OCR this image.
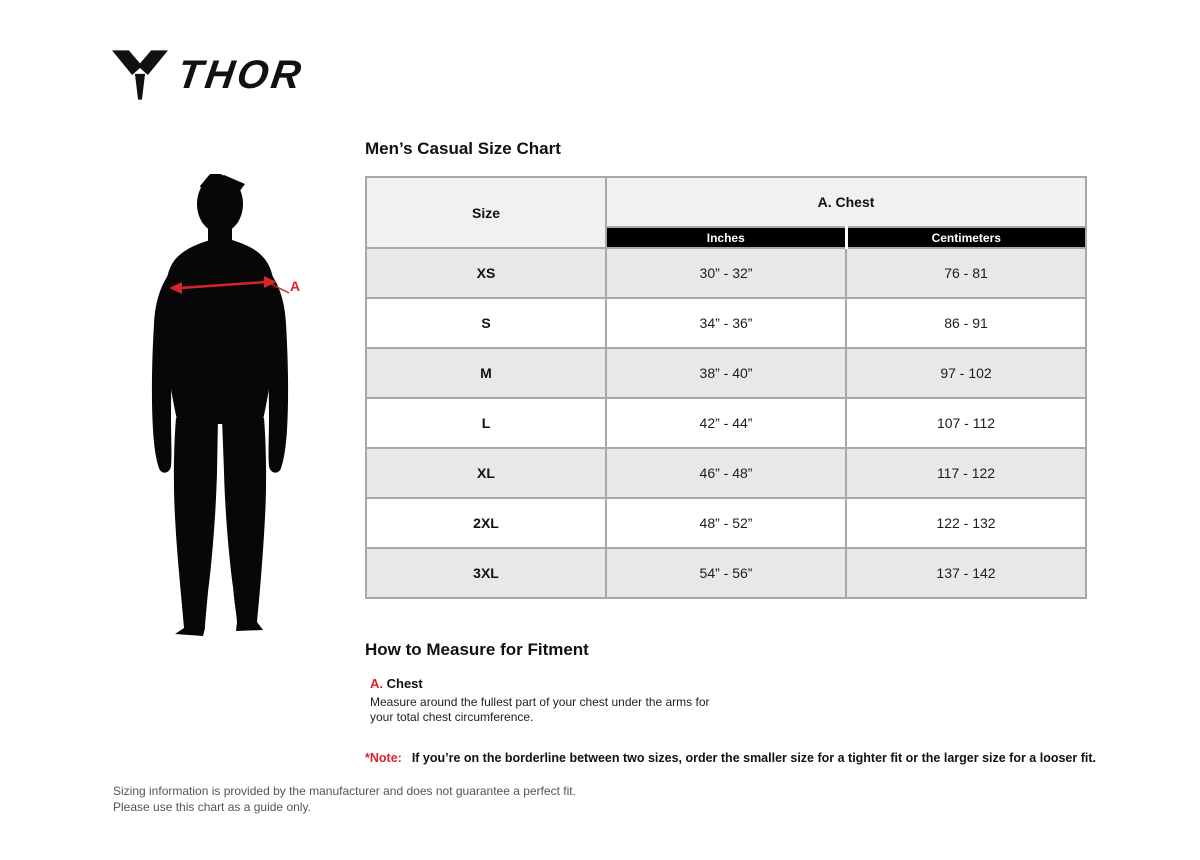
THOR
A
Men’s Casual Size Chart
Size	A. Chest	
	Inches	Centimeters
XS	30” - 32”	76 - 81
S	34” - 36”	86 - 91
M	38” - 40”	97 - 102
L	42” - 44”	107 - 112
XL	46” - 48”	117 - 122
2XL	48” - 52”	122 - 132
3XL	54” - 56”	137 - 142
How to Measure for Fitment
A. Chest
Measure around the fullest part of your chest under the arms for your total chest circumference.
*Note: If you’re on the borderline between two sizes, order the smaller size for a tighter fit or the larger size for a looser fit.
Sizing information is provided by the manufacturer and does not guarantee a perfect fit.
Please use this chart as a guide only.
